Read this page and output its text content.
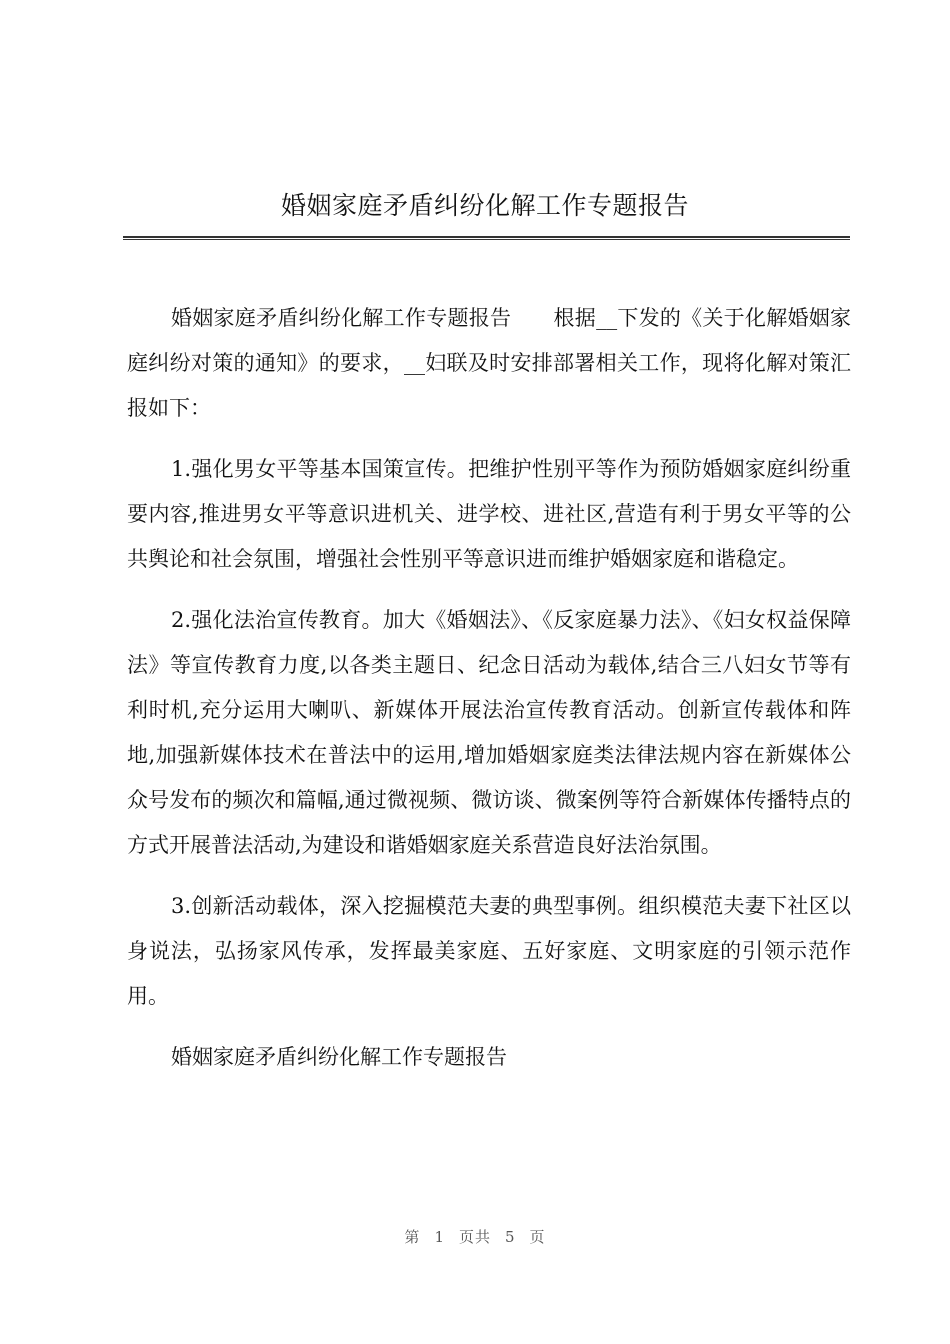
婚姻家庭矛盾纠纷化解工作专题报告

婚姻家庭矛盾纠纷化解工作专题报告 根据__下发的《关于化解婚姻家庭纠纷对策的通知》的要求，__妇联及时安排部署相关工作，现将化解对策汇报如下：

1.强化男女平等基本国策宣传。把维护性别平等作为预防婚姻家庭纠纷重要内容,推进男女平等意识进机关、进学校、进社区,营造有利于男女平等的公共舆论和社会氛围，增强社会性别平等意识进而维护婚姻家庭和谐稳定。

2.强化法治宣传教育。加大《婚姻法》、《反家庭暴力法》、《妇女权益保障法》等宣传教育力度,以各类主题日、纪念日活动为载体,结合三八妇女节等有利时机,充分运用大喇叭、新媒体开展法治宣传教育活动。创新宣传载体和阵地,加强新媒体技术在普法中的运用,增加婚姻家庭类法律法规内容在新媒体公众号发布的频次和篇幅,通过微视频、微访谈、微案例等符合新媒体传播特点的方式开展普法活动,为建设和谐婚姻家庭关系营造良好法治氛围。

3.创新活动载体，深入挖掘模范夫妻的典型事例。组织模范夫妻下社区以身说法，弘扬家风传承，发挥最美家庭、五好家庭、文明家庭的引领示范作用。

婚姻家庭矛盾纠纷化解工作专题报告

第 1 页共 5 页
